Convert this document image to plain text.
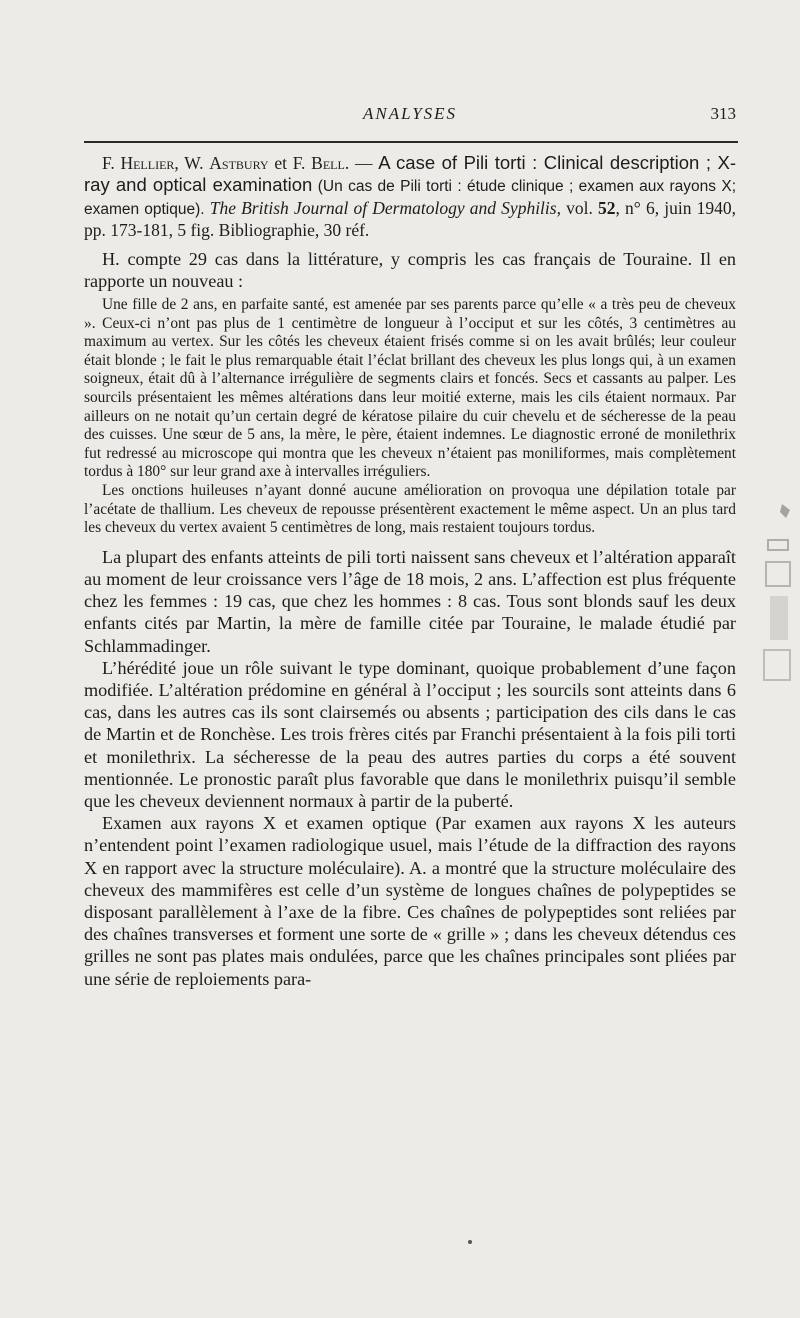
ANALYSES	313

F. Hellier, W. Astbury et F. Bell. — A case of Pili torti : Clinical description ; X-ray and optical examination (Un cas de Pili torti : étude clinique ; examen aux rayons X; examen optique). The British Journal of Dermatology and Syphilis, vol. 52, n° 6, juin 1940, pp. 173-181, 5 fig. Bibliographie, 30 réf.

H. compte 29 cas dans la littérature, y compris les cas français de Touraine. Il en rapporte un nouveau :

Une fille de 2 ans, en parfaite santé, est amenée par ses parents parce qu’elle « a très peu de cheveux ». Ceux-ci n’ont pas plus de 1 centimètre de longueur à l’occiput et sur les côtés, 3 centimètres au maximum au vertex. Sur les côtés les cheveux étaient frisés comme si on les avait brûlés; leur couleur était blonde ; le fait le plus remarquable était l’éclat brillant des cheveux les plus longs qui, à un examen soigneux, était dû à l’alternance irrégulière de segments clairs et foncés. Secs et cassants au palper. Les sourcils présentaient les mêmes altérations dans leur moitié externe, mais les cils étaient normaux. Par ailleurs on ne notait qu’un certain degré de kératose pilaire du cuir chevelu et de sécheresse de la peau des cuisses. Une sœur de 5 ans, la mère, le père, étaient indemnes. Le diagnostic erroné de monilethrix fut redressé au microscope qui montra que les cheveux n’étaient pas moniliformes, mais complètement tordus à 180° sur leur grand axe à intervalles irréguliers.

Les onctions huileuses n’ayant donné aucune amélioration on provoqua une dépilation totale par l’acétate de thallium. Les cheveux de repousse présentèrent exactement le même aspect. Un an plus tard les cheveux du vertex avaient 5 centimètres de long, mais restaient toujours tordus.

La plupart des enfants atteints de pili torti naissent sans cheveux et l’altération apparaît au moment de leur croissance vers l’âge de 18 mois, 2 ans. L’affection est plus fréquente chez les femmes : 19 cas, que chez les hommes : 8 cas. Tous sont blonds sauf les deux enfants cités par Martin, la mère de famille citée par Touraine, le malade étudié par Schlammadinger.

L’hérédité joue un rôle suivant le type dominant, quoique probablement d’une façon modifiée. L’altération prédomine en général à l’occiput ; les sourcils sont atteints dans 6 cas, dans les autres cas ils sont clairsemés ou absents ; participation des cils dans le cas de Martin et de Ronchèse. Les trois frères cités par Franchi présentaient à la fois pili torti et monilethrix. La sécheresse de la peau des autres parties du corps a été souvent mentionnée. Le pronostic paraît plus favorable que dans le monilethrix puisqu’il semble que les cheveux deviennent normaux à partir de la puberté.

Examen aux rayons X et examen optique (Par examen aux rayons X les auteurs n’entendent point l’examen radiologique usuel, mais l’étude de la diffraction des rayons X en rapport avec la structure moléculaire). A. a montré que la structure moléculaire des cheveux des mammifères est celle d’un système de longues chaînes de polypeptides se disposant parallèlement à l’axe de la fibre. Ces chaînes de polypeptides sont reliées par des chaînes transverses et forment une sorte de « grille » ; dans les cheveux détendus ces grilles ne sont pas plates mais ondulées, parce que les chaînes principales sont pliées par une série de reploiements para-
